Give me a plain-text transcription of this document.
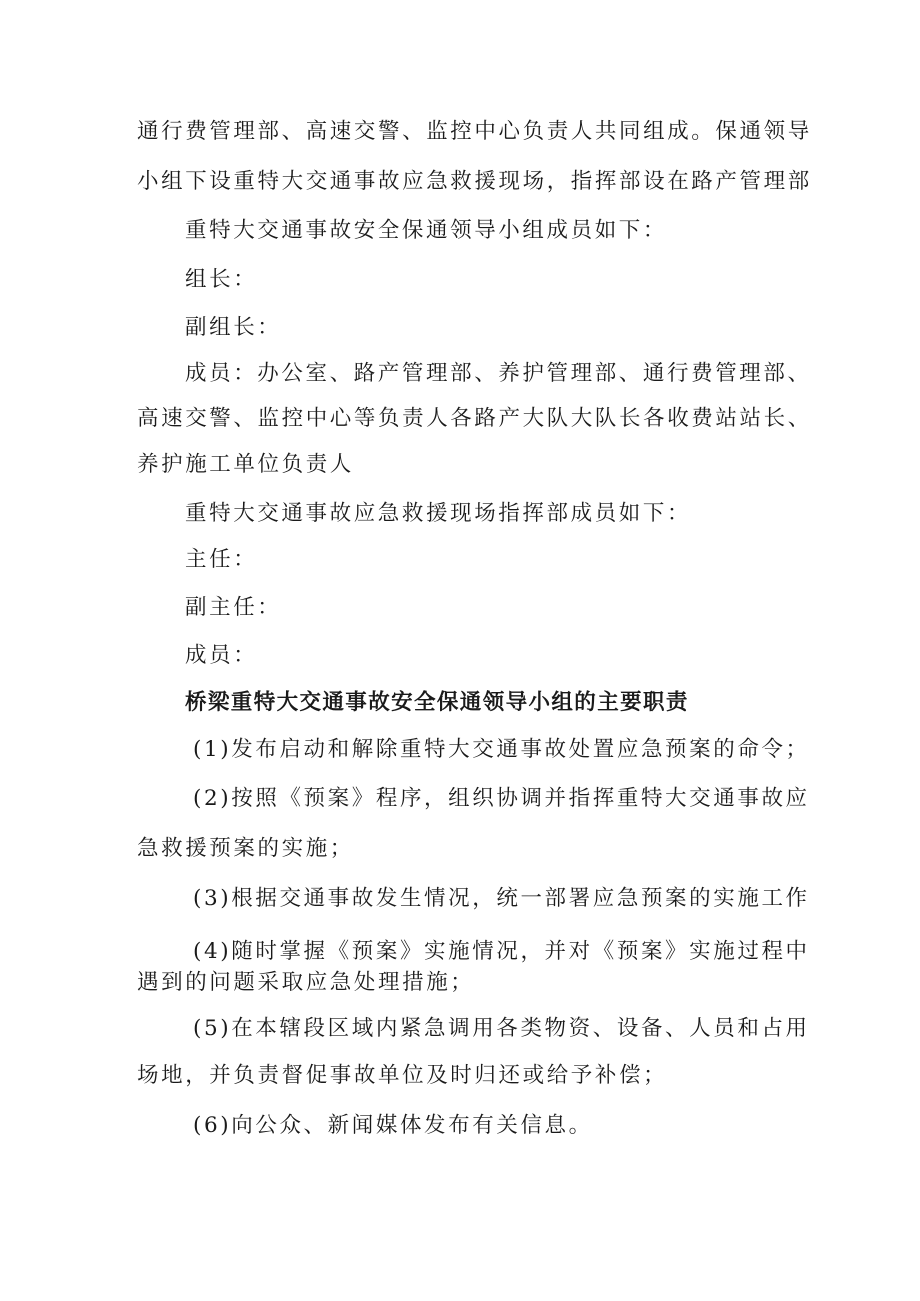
通行费管理部、高速交警、监控中心负责人共同组成。保通领导
小组下设重特大交通事故应急救援现场，指挥部设在路产管理部
重特大交通事故安全保通领导小组成员如下：
组长：
副组长：
成员：办公室、路产管理部、养护管理部、通行费管理部、
高速交警、监控中心等负责人各路产大队大队长各收费站站长、
养护施工单位负责人
重特大交通事故应急救援现场指挥部成员如下：
主任：
副主任：
成员：
桥梁重特大交通事故安全保通领导小组的主要职责
(1)发布启动和解除重特大交通事故处置应急预案的命令；
(2)按照《预案》程序，组织协调并指挥重特大交通事故应
急救援预案的实施；
(3)根据交通事故发生情况，统一部署应急预案的实施工作
(4)随时掌握《预案》实施情况，并对《预案》实施过程中
遇到的问题采取应急处理措施；
(5)在本辖段区域内紧急调用各类物资、设备、人员和占用
场地，并负责督促事故单位及时归还或给予补偿；
(6)向公众、新闻媒体发布有关信息。
